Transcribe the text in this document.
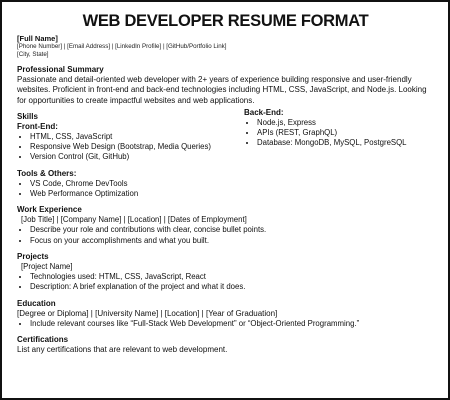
WEB DEVELOPER RESUME FORMAT
[Full Name]
[Phone Number] | [Email Address] | [LinkedIn Profile] | [GitHub/Portfolio Link]
[City, State]
Professional Summary
Passionate and detail-oriented web developer with 2+ years of experience building responsive and user-friendly websites. Proficient in front-end and back-end technologies including HTML, CSS, JavaScript, and Node.js. Looking for opportunities to create impactful websites and web applications.
Skills
Front-End:
• HTML, CSS, JavaScript
• Responsive Web Design (Bootstrap, Media Queries)
• Version Control (Git, GitHub)
Back-End:
• Node.js, Express
• APIs (REST, GraphQL)
• Database: MongoDB, MySQL, PostgreSQL
Tools & Others:
• VS Code, Chrome DevTools
• Web Performance Optimization
Work Experience
[Job Title] | [Company Name] | [Location] | [Dates of Employment]
• Describe your role and contributions with clear, concise bullet points.
• Focus on your accomplishments and what you built.
Projects
[Project Name]
• Technologies used: HTML, CSS, JavaScript, React
• Description: A brief explanation of the project and what it does.
Education
[Degree or Diploma] | [University Name] | [Location] | [Year of Graduation]
• Include relevant courses like “Full-Stack Web Development” or “Object-Oriented Programming.”
Certifications
List any certifications that are relevant to web development.
